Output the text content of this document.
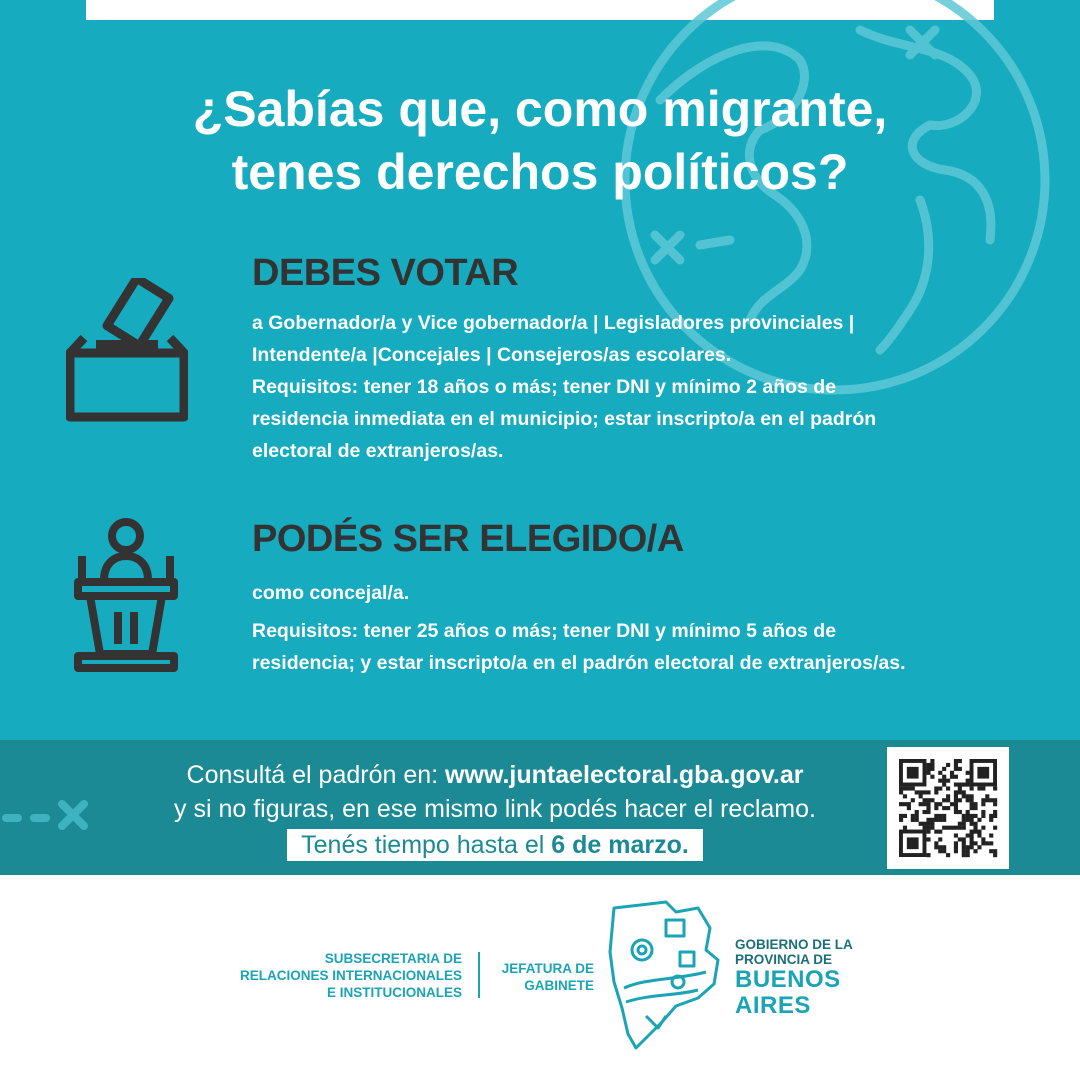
¿Sabías que, como migrante,
tenes derechos políticos?
DEBES VOTAR
a Gobernador/a y Vice gobernador/a | Legisladores provinciales |
Intendente/a |Concejales | Consejeros/as escolares.
Requisitos: tener 18 años o más; tener DNI y mínimo 2 años de
residencia inmediata en el municipio; estar inscripto/a en el padrón
electoral de extranjeros/as.
PODÉS SER ELEGIDO/A
como concejal/a.
Requisitos: tener 25 años o más; tener DNI y mínimo 5 años de
residencia; y estar inscripto/a en el padrón electoral de extranjeros/as.
Consultá el padrón en: www.juntaelectoral.gba.gov.ar
y si no figuras, en ese mismo link podés hacer el reclamo.
Tenés tiempo hasta el 6 de marzo.
SUBSECRETARIA DE
RELACIONES INTERNACIONALES
E INSTITUCIONALES
JEFATURA DE
GABINETE
GOBIERNO DE LA
PROVINCIA DE
BUENOS
AIRES
